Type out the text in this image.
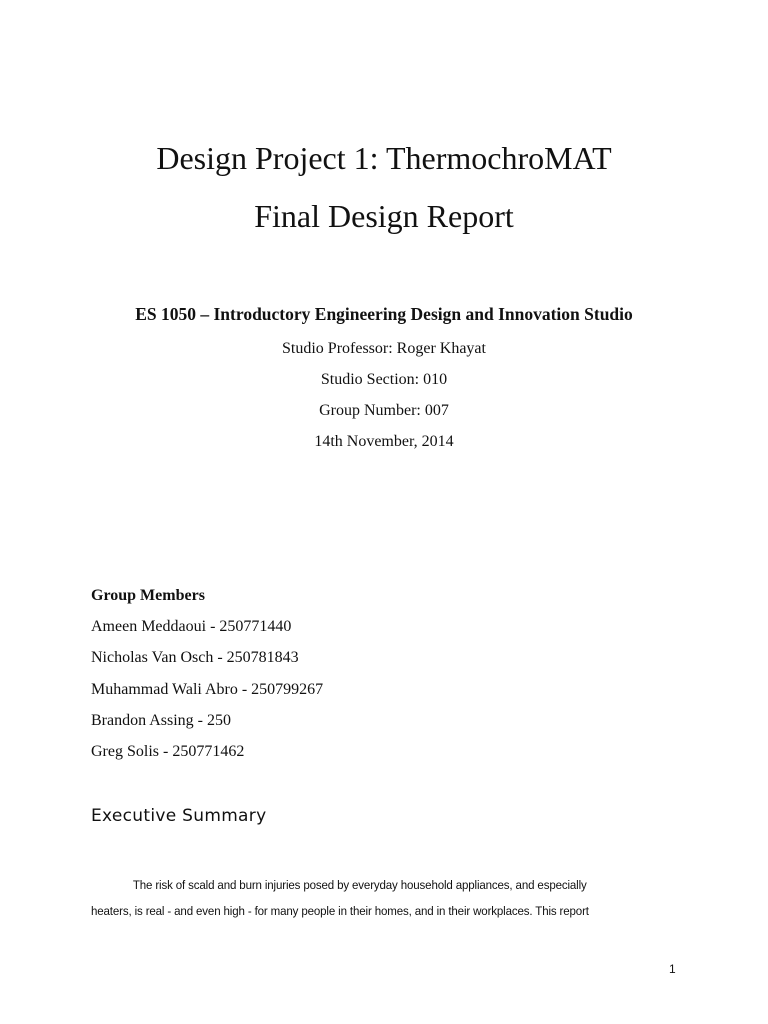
Design Project 1: ThermochroMAT
Final Design Report
ES 1050 – Introductory Engineering Design and Innovation Studio
Studio Professor: Roger Khayat
Studio Section: 010
Group Number: 007
14th November, 2014
Group Members
Ameen Meddaoui - 250771440
Nicholas Van Osch - 250781843
Muhammad Wali Abro - 250799267
Brandon Assing - 250
Greg Solis - 250771462
Executive Summary
The risk of scald and burn injuries posed by everyday household appliances, and especially
heaters, is real - and even high - for many people in their homes, and in their workplaces. This report
1
